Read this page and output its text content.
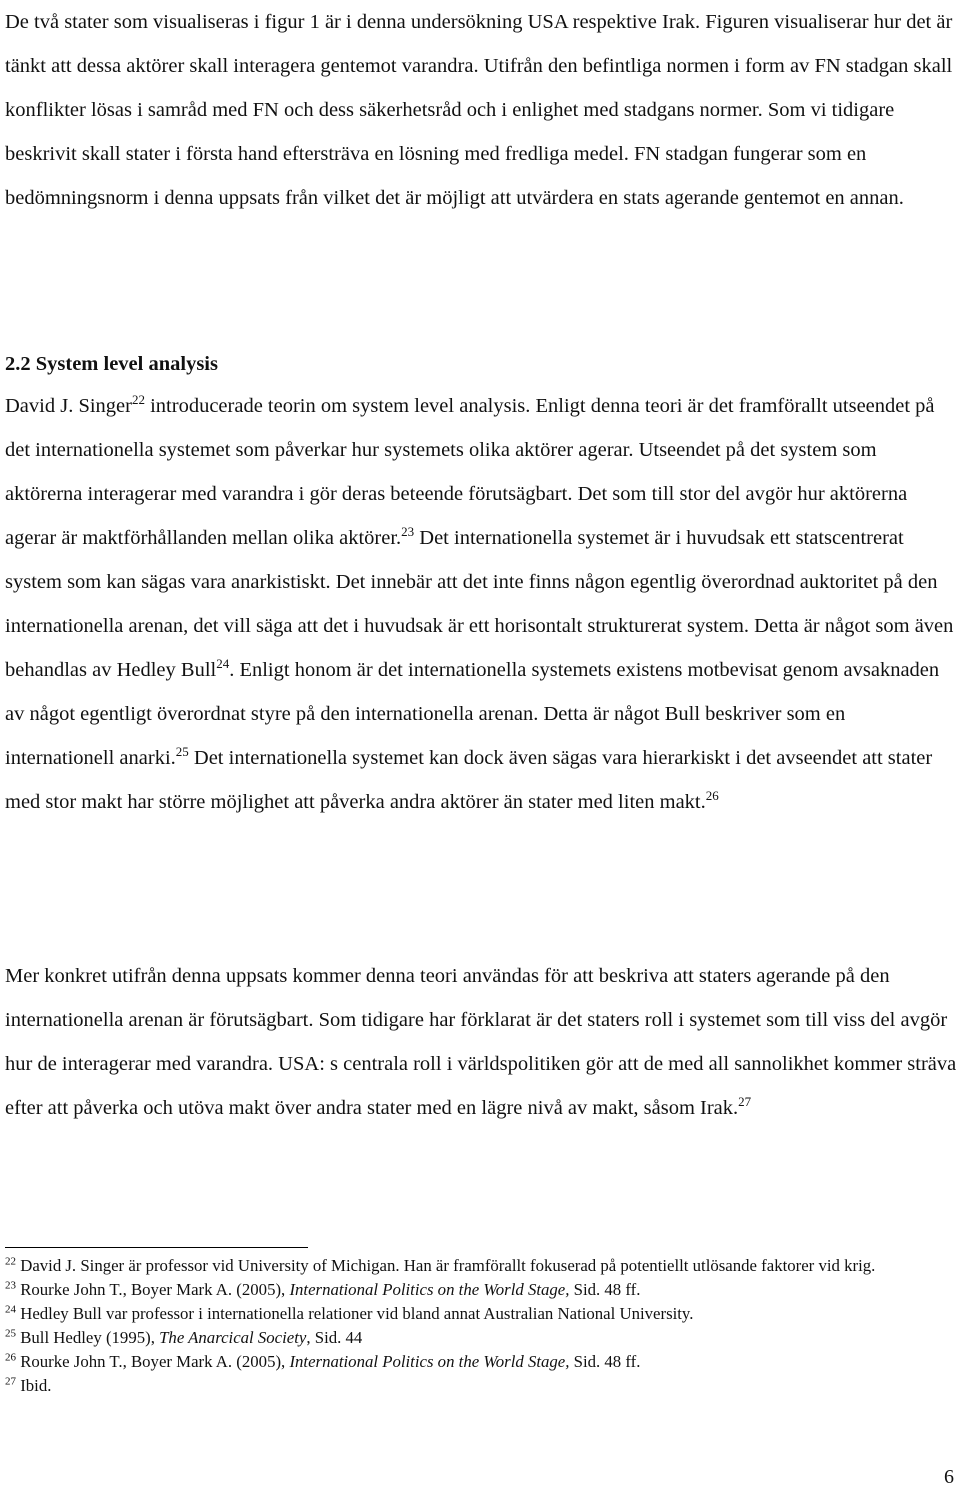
De två stater som visualiseras i figur 1 är i denna undersökning USA respektive Irak. Figuren visualiserar hur det är tänkt att dessa aktörer skall interagera gentemot varandra. Utifrån den befintliga normen i form av FN stadgan skall konflikter lösas i samråd med FN och dess säkerhetsråd och i enlighet med stadgans normer. Som vi tidigare beskrivit skall stater i första hand eftersträva en lösning med fredliga medel. FN stadgan fungerar som en bedömningsnorm i denna uppsats från vilket det är möjligt att utvärdera en stats agerande gentemot en annan.

2.2 System level analysis

David J. Singer$^{22}$ introducerade teorin om system level analysis. Enligt denna teori är det framförallt utseendet på det internationella systemet som påverkar hur systemets olika aktörer agerar. Utseendet på det system som aktörerna interagerar med varandra i gör deras beteende förutsägbart. Det som till stor del avgör hur aktörerna agerar är maktförhållanden mellan olika aktörer.$^{23}$ Det internationella systemet är i huvudsak ett statscentrerat system som kan sägas vara anarkistiskt. Det innebär att det inte finns någon egentlig överordnad auktoritet på den internationella arenan, det vill säga att det i huvudsak är ett horisontalt strukturerat system. Detta är något som även behandlas av Hedley Bull$^{24}$. Enligt honom är det internationella systemets existens motbevisat genom avsaknaden av något egentligt överordnat styre på den internationella arenan. Detta är något Bull beskriver som en internationell anarki.$^{25}$ Det internationella systemet kan dock även sägas vara hierarkiskt i det avseendet att stater med stor makt har större möjlighet att påverka andra aktörer än stater med liten makt.$^{26}$

Mer konkret utifrån denna uppsats kommer denna teori användas för att beskriva att staters agerande på den internationella arenan är förutsägbart. Som tidigare har förklarat är det staters roll i systemet som till viss del avgör hur de interagerar med varandra. USA: s centrala roll i världspolitiken gör att de med all sannolikhet kommer sträva efter att påverka och utöva makt över andra stater med en lägre nivå av makt, såsom Irak.$^{27}$

$^{22}$ David J. Singer är professor vid University of Michigan. Han är framförallt fokuserad på potentiellt utlösande faktorer vid krig.

$^{23}$ Rourke John T., Boyer Mark A. (2005), International Politics on the World Stage, Sid. 48 ff.

$^{24}$ Hedley Bull var professor i internationella relationer vid bland annat Australian National University.

$^{25}$ Bull Hedley (1995), The Anarcical Society, Sid. 44

$^{26}$ Rourke John T., Boyer Mark A. (2005), International Politics on the World Stage, Sid. 48 ff.

$^{27}$ Ibid.

6
